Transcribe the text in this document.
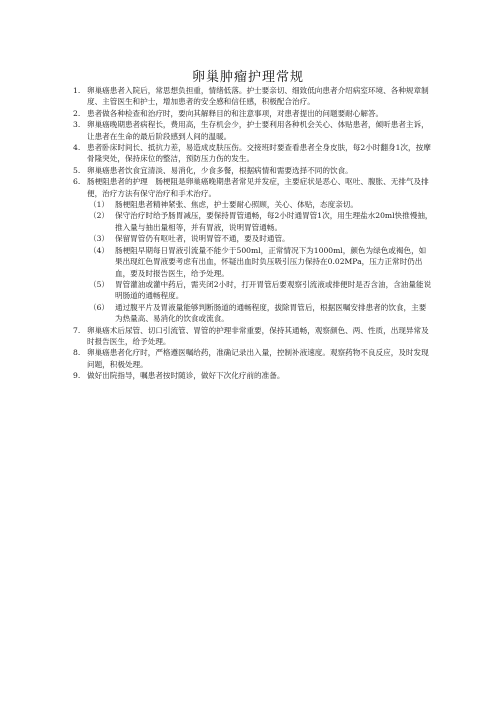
卵巢肿瘤护理常规
1. 卵巢癌患者入院后，常思想负担重，情绪低落。护士要亲切、细致低向患者介绍病室环境、各种规章制度、主管医生和护士，增加患者的安全感和信任感，积极配合治疗。
2. 患者做各种检查和治疗时，要向其解释目的和注意事项，对患者提出的问题要耐心解答。
3. 卵巢癌晚期患者病程长，费用高，生存机会少，护士要利用各种机会关心、体贴患者，倾听患者主诉，让患者在生命的最后阶段感到人间的温暖。
4. 患者卧床时间长、抵抗力差，易造成皮肤压伤。交接班时要查看患者全身皮肤，每2小时翻身1次，按摩骨隆突处，保持床位的整洁，预防压力伤的发生。
5. 卵巢癌患者饮食宜清淡、易消化，少食多餐，根据病情和需要选择不同的饮食。
6. 肠梗阻患者的护理　肠梗阻是卵巢癌晚期患者常见并发症，主要症状是恶心、呕吐、腹胀、无排气及排便，治疗方法有保守治疗和手术治疗。
（1） 肠梗阻患者精神紧张、焦虑，护士要耐心照顾，关心、体贴，态度亲切。
（2） 保守治疗时给予肠胃减压，要保持胃管通畅，每2小时通胃管1次，用生理盐水20ml快推慢抽，推入量与抽出量相等，并有胃液，说明胃管通畅。
（3） 保留胃管仍有呕吐者，说明胃管不通，要及时通管。
（4） 肠梗阻早期每日胃液引流量不能少于500ml，正常情况下为1000ml，颜色为绿色或褐色，如果出现红色胃液要考虑有出血，怀疑出血时负压吸引压力保持在0.02MPa，压力正常时仍出血，要及时报告医生，给予处理。
（5） 胃管灌油或灌中药后，需夹闭2小时，打开胃管后要观察引流液或排便时是否含油，含油量能说明肠道的通畅程度。
（6） 通过腹平片及胃液量能够判断肠道的通畅程度，拔除胃管后，根据医嘱安排患者的饮食，主要为热量高、易消化的饮食或流食。
7. 卵巢癌术后尿管、切口引流管、胃管的护理非常重要，保持其通畅，观察颜色、两、性质，出现异常及时报告医生，给予处理。
8. 卵巢癌患者化疗时，严格遵医嘱给药，准确记录出入量，控制补液速度。观察药物不良反应，及时发现问题，积极处理。
9. 做好出院指导，嘱患者按时随诊，做好下次化疗前的准备。
